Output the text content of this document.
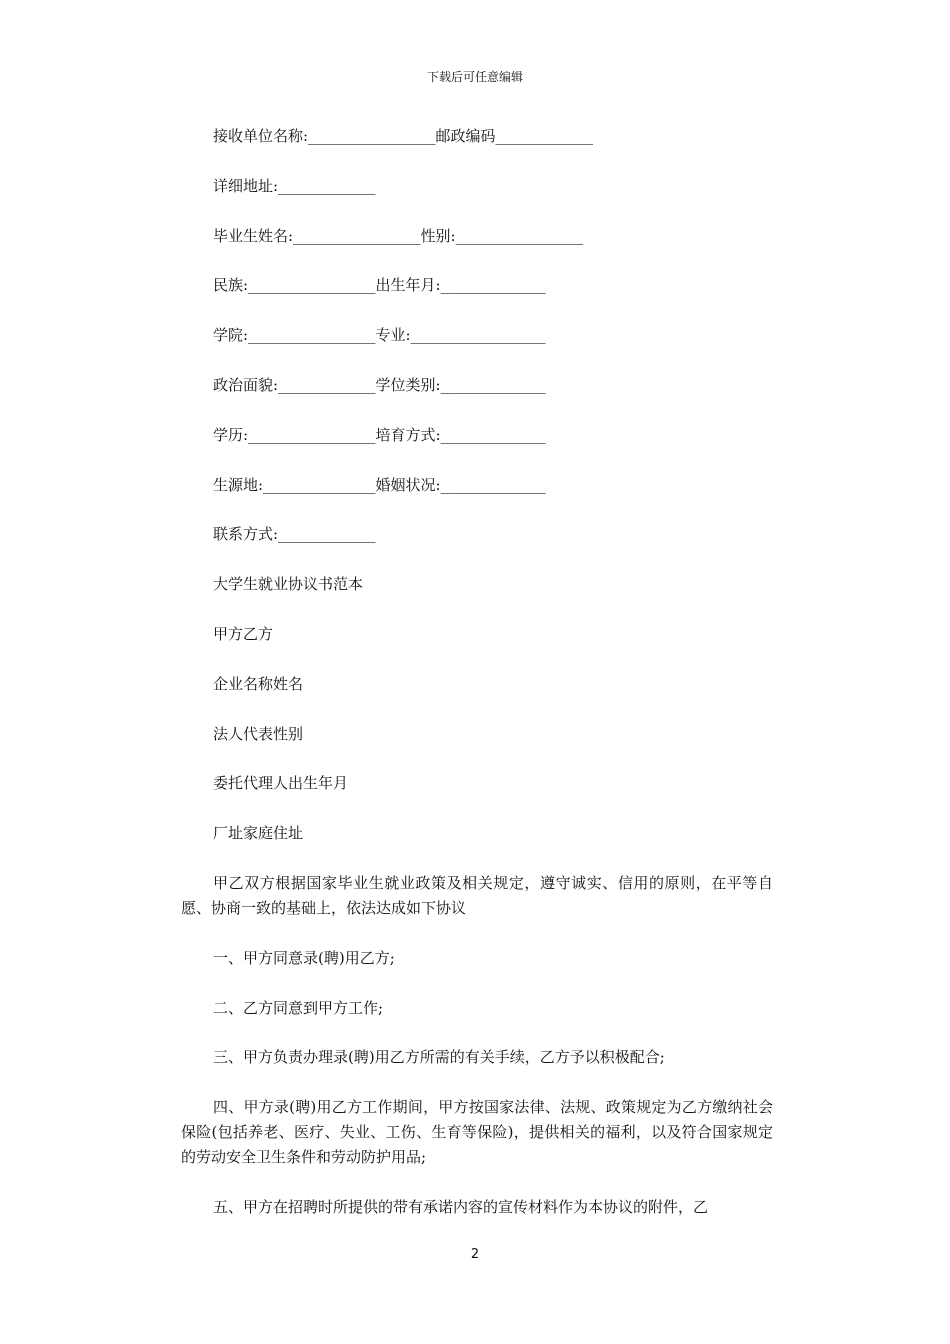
下载后可任意编辑
接收单位名称:_________________邮政编码_____________
详细地址:_____________
毕业生姓名:_________________性别:_________________
民族:_________________出生年月:______________
学院:_________________专业:__________________
政治面貌:_____________学位类别:______________
学历:_________________培育方式:______________
生源地:_______________婚姻状况:______________
联系方式:_____________
大学生就业协议书范本
甲方乙方
企业名称姓名
法人代表性别
委托代理人出生年月
厂址家庭住址
甲乙双方根据国家毕业生就业政策及相关规定，遵守诚实、信用的原则，在平等自愿、协商一致的基础上，依法达成如下协议
一、甲方同意录(聘)用乙方;
二、乙方同意到甲方工作;
三、甲方负责办理录(聘)用乙方所需的有关手续，乙方予以积极配合;
四、甲方录(聘)用乙方工作期间，甲方按国家法律、法规、政策规定为乙方缴纳社会保险(包括养老、医疗、失业、工伤、生育等保险)，提供相关的福利，以及符合国家规定的劳动安全卫生条件和劳动防护用品;
五、甲方在招聘时所提供的带有承诺内容的宣传材料作为本协议的附件，乙
2
